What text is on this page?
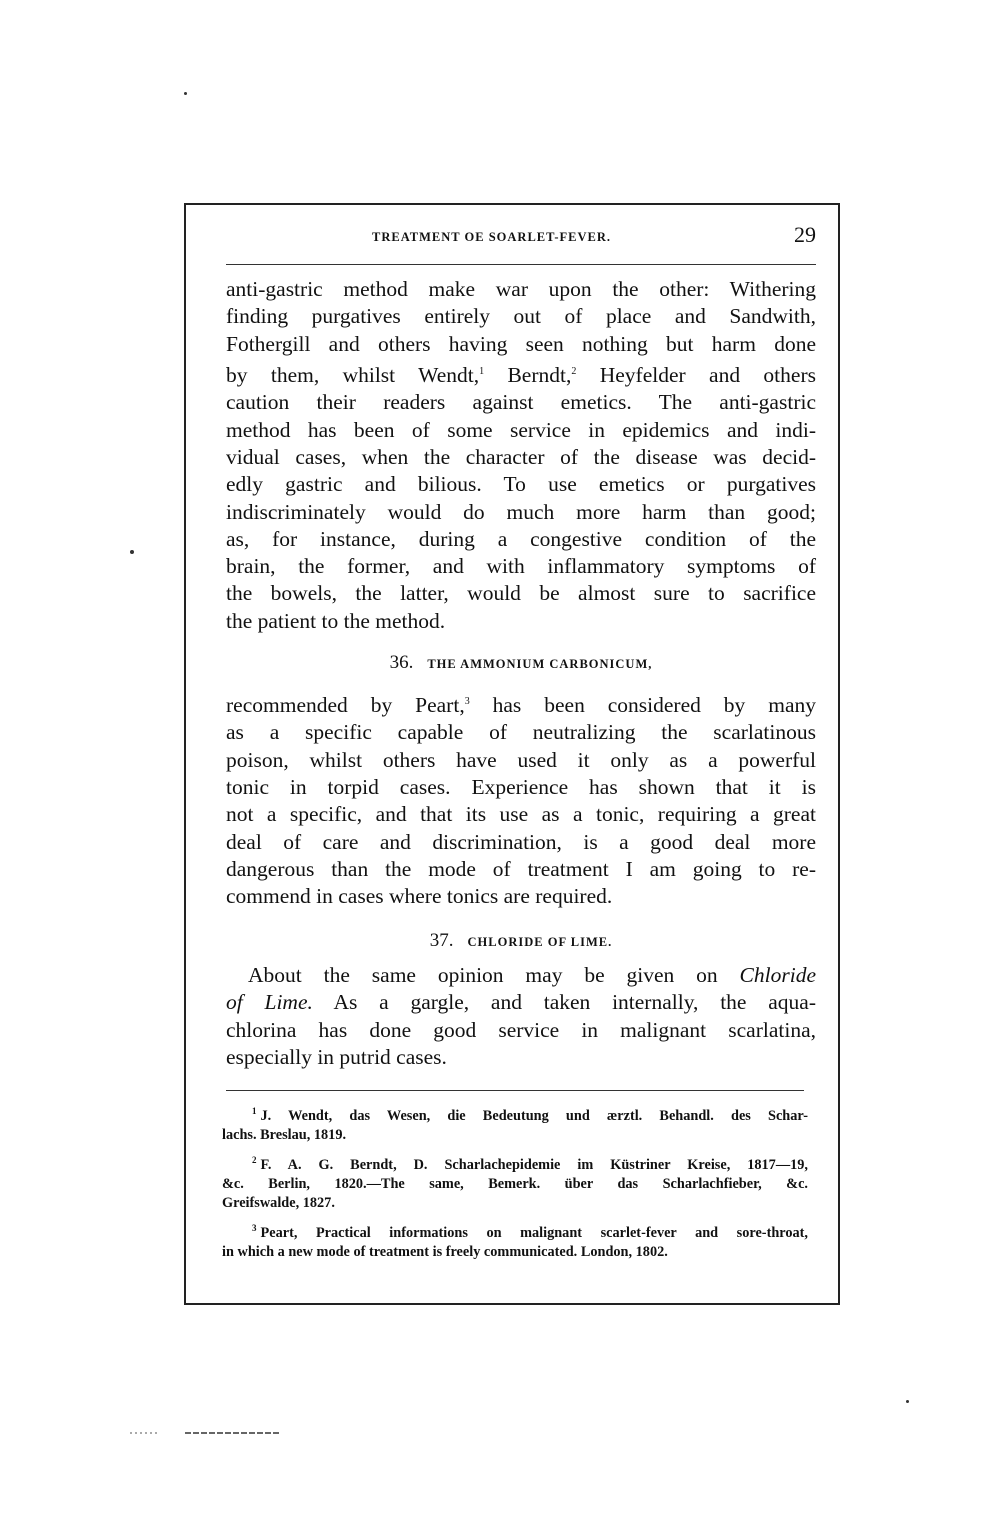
TREATMENT OE SOARLET-FEVER.	29
anti-gastric method make war upon the other: Withering
finding purgatives entirely out of place and Sandwith,
Fothergill and others having seen nothing but harm done
by them, whilst Wendt,$^1$ Berndt,$^2$ Heyfelder and others
caution their readers against emetics. The anti-gastric
method has been of some service in epidemics and indi-
vidual cases, when the character of the disease was decid-
edly gastric and bilious. To use emetics or purgatives
indiscriminately would do much more harm than good;
as, for instance, during a congestive condition of the
brain, the former, and with inflammatory symptoms of
the bowels, the latter, would be almost sure to sacrifice
the patient to the method.
36. THE AMMONIUM CARBONICUM,
recommended by Peart,$^3$ has been considered by many
as a specific capable of neutralizing the scarlatinous
poison, whilst others have used it only as a powerful
tonic in torpid cases. Experience has shown that it is
not a specific, and that its use as a tonic, requiring a great
deal of care and discrimination, is a good deal more
dangerous than the mode of treatment I am going to re-
commend in cases where tonics are required.
37. CHLORIDE OF LIME.
About the same opinion may be given on Chloride
of Lime. As a gargle, and taken internally, the aqua-
chlorina has done good service in malignant scarlatina,
especially in putrid cases.
$^1$ J. Wendt, das Wesen, die Bedeutung und ærztl. Behandl. des Schar-
lachs. Breslau, 1819.
$^2$ F. A. G. Berndt, D. Scharlachepidemie im Küstriner Kreise, 1817—19,
&c. Berlin, 1820.—The same, Bemerk. über das Scharlachfieber, &c.
Greifswalde, 1827.
$^3$ Peart, Practical informations on malignant scarlet-fever and sore-throat,
in which a new mode of treatment is freely communicated. London, 1802.
